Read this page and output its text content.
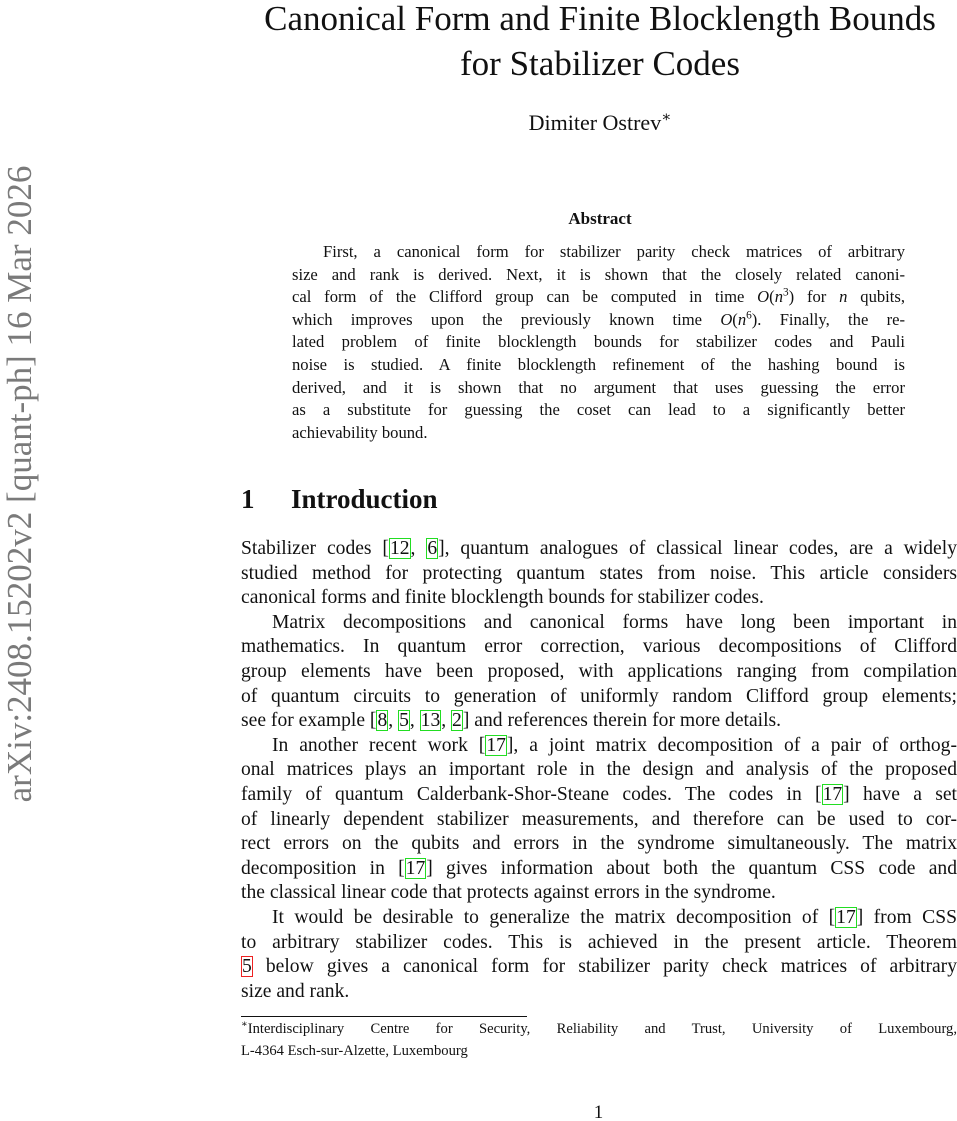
arXiv:2408.15202v2 [quant-ph] 16 Mar 2026
Canonical Form and Finite Blocklength Bounds
for Stabilizer Codes
Dimiter Ostrev∗
Abstract
First, a canonical form for stabilizer parity check matrices of arbitrary
size and rank is derived. Next, it is shown that the closely related canoni-
cal form of the Clifford group can be computed in time $O(n^3)$ for n qubits,
which improves upon the previously known time $O(n^6)$. Finally, the re-
lated problem of finite blocklength bounds for stabilizer codes and Pauli
noise is studied. A finite blocklength refinement of the hashing bound is
derived, and it is shown that no argument that uses guessing the error
as a substitute for guessing the coset can lead to a significantly better
achievability bound.
1 Introduction
Stabilizer codes [12, 6], quantum analogues of classical linear codes, are a widely
studied method for protecting quantum states from noise. This article considers
canonical forms and finite blocklength bounds for stabilizer codes.
Matrix decompositions and canonical forms have long been important in
mathematics. In quantum error correction, various decompositions of Clifford
group elements have been proposed, with applications ranging from compilation
of quantum circuits to generation of uniformly random Clifford group elements;
see for example [8, 5, 13, 2] and references therein for more details.
In another recent work [17], a joint matrix decomposition of a pair of orthog-
onal matrices plays an important role in the design and analysis of the proposed
family of quantum Calderbank-Shor-Steane codes. The codes in [17] have a set
of linearly dependent stabilizer measurements, and therefore can be used to cor-
rect errors on the qubits and errors in the syndrome simultaneously. The matrix
decomposition in [17] gives information about both the quantum CSS code and
the classical linear code that protects against errors in the syndrome.
It would be desirable to generalize the matrix decomposition of [17] from CSS
to arbitrary stabilizer codes. This is achieved in the present article. Theorem
5 below gives a canonical form for stabilizer parity check matrices of arbitrary
size and rank.
∗Interdisciplinary Centre for Security, Reliability and Trust, University of Luxembourg,
L-4364 Esch-sur-Alzette, Luxembourg
1
